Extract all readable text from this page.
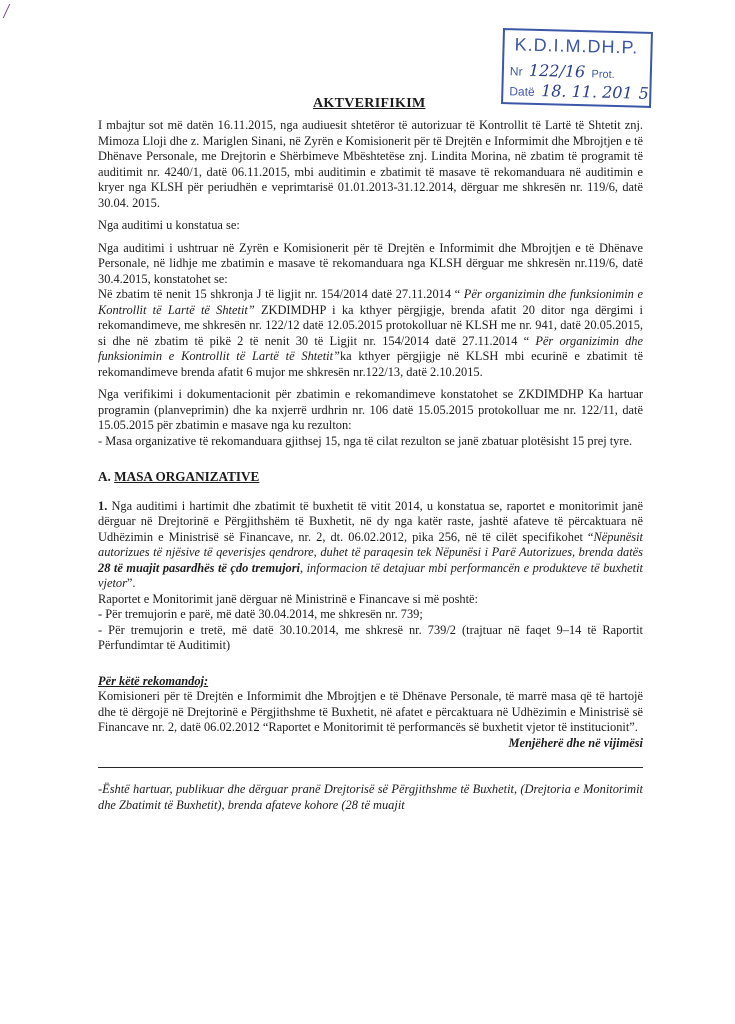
K.D.I.M.DH.P.
Nr 122/16 Prot.
Datë 18. 11. 201 5
AKTVERIFIKIM

I mbajtur sot më datën 16.11.2015, nga audiuesit shtetëror të autorizuar të Kontrollit të Lartë të Shtetit znj. Mimoza Lloji dhe z. Mariglen Sinani, në Zyrën e Komisionerit për të Drejtën e Informimit dhe Mbrojtjen e të Dhënave Personale, me Drejtorin e Shërbimeve Mbështetëse znj. Lindita Morina, në zbatim të programit të auditimit nr. 4240/1, datë 06.11.2015, mbi auditimin e zbatimit të masave të rekomanduara në auditimin e kryer nga KLSH për periudhën e veprimtarisë 01.01.2013-31.12.2014, dërguar me shkresën nr. 119/6, datë 30.04. 2015.

Nga auditimi u konstatua se:

Nga auditimi i ushtruar në Zyrën e Komisionerit për të Drejtën e Informimit dhe Mbrojtjen e të Dhënave Personale, në lidhje me zbatimin e masave të rekomanduara nga KLSH dërguar me shkresën nr.119/6, datë 30.4.2015, konstatohet se:

Në zbatim të nenit 15 shkronja J të ligjit nr. 154/2014 datë 27.11.2014 “ Për organizimin dhe funksionimin e Kontrollit të Lartë të Shtetit” ZKDIMDHP i ka kthyer përgjigje, brenda afatit 20 ditor nga dërgimi i rekomandimeve, me shkresën nr. 122/12 datë 12.05.2015 protokolluar në KLSH me nr. 941, datë 20.05.2015, si dhe në zbatim të pikë 2 të nenit 30 të Ligjit nr. 154/2014 datë 27.11.2014 “ Për organizimin dhe funksionimin e Kontrollit të Lartë të Shtetit”ka kthyer përgjigje në KLSH mbi ecurinë e zbatimit të rekomandimeve brenda afatit 6 mujor me shkresën nr.122/13, datë 2.10.2015.

Nga verifikimi i dokumentacionit për zbatimin e rekomandimeve konstatohet se ZKDIMDHP Ka hartuar programin (planveprimin) dhe ka nxjerrë urdhrin nr. 106 datë 15.05.2015 protokolluar me nr. 122/11, datë 15.05.2015 për zbatimin e masave nga ku rezulton:

- Masa organizative të rekomanduara gjithsej 15, nga të cilat rezulton se janë zbatuar plotësisht 15 prej tyre.

A. MASA ORGANIZATIVE

1. Nga auditimi i hartimit dhe zbatimit të buxhetit të vitit 2014, u konstatua se, raportet e monitorimit janë dërguar në Drejtorinë e Përgjithshëm të Buxhetit, në dy nga katër raste, jashtë afateve të përcaktuara në Udhëzimin e Ministrisë së Financave, nr. 2, dt. 06.02.2012, pika 256, në të cilët specifikohet “Nëpunësit autorizues të njësive të qeverisjes qendrore, duhet të paraqesin tek Nëpunësi i Parë Autorizues, brenda datës 28 të muajit pasardhës të çdo tremujori, informacion të detajuar mbi performancën e produkteve të buxhetit vjetor”.

Raportet e Monitorimit janë dërguar në Ministrinë e Financave si më poshtë:

- Për tremujorin e parë, më datë 30.04.2014, me shkresën nr. 739;

- Për tremujorin e tretë, më datë 30.10.2014, me shkresë nr. 739/2 (trajtuar në faqet 9–14 të Raportit Përfundimtar të Auditimit)

Për këtë rekomandoj:

Komisioneri për të Drejtën e Informimit dhe Mbrojtjen e të Dhënave Personale, të marrë masa që të hartojë dhe të dërgojë në Drejtorinë e Përgjithshme të Buxhetit, në afatet e përcaktuara në Udhëzimin e Ministrisë së Financave nr. 2, datë 06.02.2012 “Raportet e Monitorimit të performancës së buxhetit vjetor të institucionit”.

Menjëherë dhe në vijimësi

-Është hartuar, publikuar dhe dërguar pranë Drejtorisë së Përgjithshme të Buxhetit, (Drejtoria e Monitorimit dhe Zbatimit të Buxhetit), brenda afateve kohore (28 të muajit
